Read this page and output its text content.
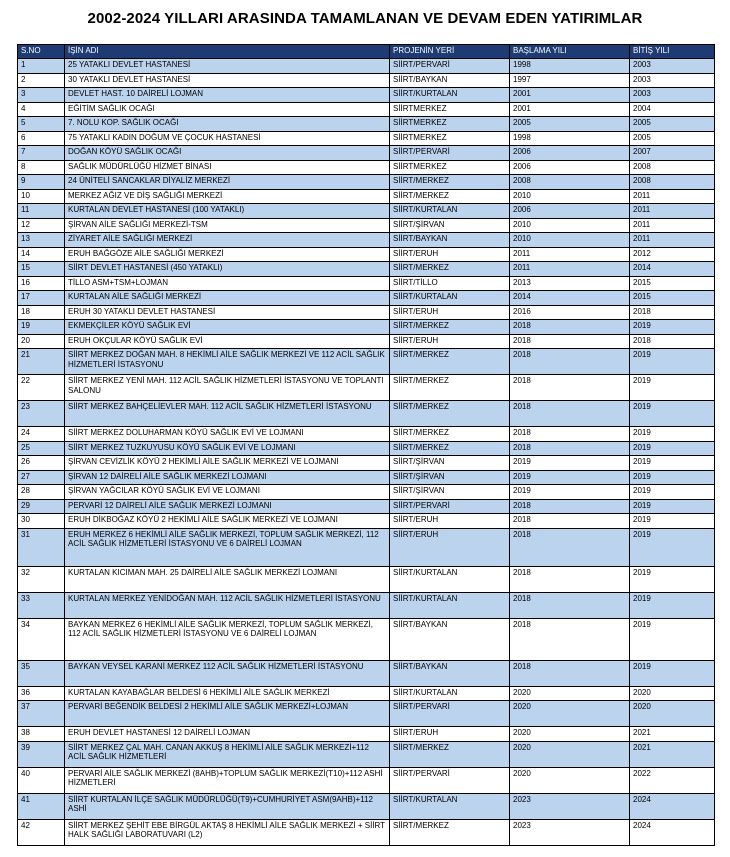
2002-2024 YILLARI ARASINDA TAMAMLANAN VE DEVAM EDEN YATIRIMLAR
S.NO	İŞİN ADI	PROJENİN YERİ	BAŞLAMA YILI	BİTİŞ YILI
1	25 YATAKLI DEVLET HASTANESİ	SİİRT/PERVARİ	1998	2003
2	30 YATAKLI DEVLET HASTANESİ	SİİRT/BAYKAN	1997	2003
3	DEVLET HAST. 10 DAİRELİ LOJMAN	SİİRT/KURTALAN	2001	2003
4	EĞİTİM SAĞLIK OCAĞI	SİİRTMERKEZ	2001	2004
5	7. NOLU KOP. SAĞLIK OCAĞI	SİİRTMERKEZ	2005	2005
6	75 YATAKLI KADIN DOĞUM VE ÇOCUK HASTANESİ	SİİRTMERKEZ	1998	2005
7	DOĞAN KÖYÜ SAĞLIK OCAĞI	SİİRT/PERVARİ	2006	2007
8	SAĞLIK MÜDÜRLÜĞÜ HİZMET BİNASI	SİİRTMERKEZ	2006	2008
9	24 ÜNİTELİ SANCAKLAR DİYALİZ MERKEZİ	SİİRT/MERKEZ	2008	2008
10	MERKEZ AĞIZ VE DİŞ SAĞLIĞI MERKEZİ	SİİRT/MERKEZ	2010	2011
11	KURTALAN DEVLET HASTANESİ (100 YATAKLI)	SİİRT/KURTALAN	2006	2011
12	ŞİRVAN AİLE SAĞLIĞI MERKEZİ-TSM	SİİRT/ŞİRVAN	2010	2011
13	ZİYARET AİLE SAĞLIĞI MERKEZİ	SİİRT/BAYKAN	2010	2011
14	ERUH BAĞGÖZE AİLE SAĞLIĞI MERKEZİ	SİİRT/ERUH	2011	2012
15	SİİRT DEVLET HASTANESİ (450 YATAKLI)	SİİRT/MERKEZ	2011	2014
16	TİLLO ASM+TSM+LOJMAN	SİİRT/TİLLO	2013	2015
17	KURTALAN AİLE SAĞLIĞI MERKEZİ	SİİRT/KURTALAN	2014	2015
18	ERUH 30 YATAKLI DEVLET HASTANESİ	SİİRT/ERUH	2016	2018
19	EKMEKÇİLER KÖYÜ SAĞLIK EVİ	SİİRT/MERKEZ	2018	2019
20	ERUH OKÇULAR KÖYÜ SAĞLIK EVİ	SİİRT/ERUH	2018	2018
21	SİİRT MERKEZ DOĞAN MAH. 8 HEKİMLİ AİLE SAĞLIK MERKEZİ VE 112 ACİL SAĞLIK HİZMETLERİ İSTASYONU	SİİRT/MERKEZ	2018	2019
22	SİİRT MERKEZ YENİ MAH. 112 ACİL SAĞLIK HİZMETLERİ İSTASYONU VE TOPLANTI SALONU	SİİRT/MERKEZ	2018	2019
23	SİİRT MERKEZ BAHÇELİEVLER MAH. 112 ACİL SAĞLIK HİZMETLERİ İSTASYONU	SİİRT/MERKEZ	2018	2019
24	SİİRT MERKEZ DOLUHARMAN KÖYÜ SAĞLIK EVİ VE LOJMANI	SİİRT/MERKEZ	2018	2019
25	SİİRT MERKEZ TUZKUYUSU KÖYÜ SAĞLIK EVİ VE LOJMANI	SİİRT/MERKEZ	2018	2019
26	ŞİRVAN CEVİZLİK KÖYÜ 2 HEKİMLİ AİLE SAĞLIK MERKEZİ VE LOJMANI	SİİRT/ŞİRVAN	2019	2019
27	ŞİRVAN 12 DAİRELİ AİLE SAĞLIK MERKEZİ LOJMANI	SİİRT/ŞİRVAN	2019	2019
28	ŞİRVAN YAĞCILAR KÖYÜ SAĞLIK EVİ VE LOJMANI	SİİRT/ŞİRVAN	2019	2019
29	PERVARİ 12 DAİRELİ AİLE SAĞLIK MERKEZİ LOJMANI	SİİRT/PERVARİ	2018	2019
30	ERUH DİKBOĞAZ KÖYÜ 2 HEKİMLİ AİLE SAĞLIK MERKEZİ VE LOJMANI	SİİRT/ERUH	2018	2019
31	ERUH MERKEZ 6 HEKİMLİ AİLE SAĞLIK MERKEZİ, TOPLUM SAĞLIK MERKEZİ, 112 ACİL SAĞLIK HİZMETLERİ İSTASYONU VE 6 DAİRELİ LOJMAN	SİİRT/ERUH	2018	2019
32	KURTALAN KICIMAN MAH. 25 DAİRELİ AİLE SAĞLIK MERKEZİ LOJMANI	SİİRT/KURTALAN	2018	2019
33	KURTALAN MERKEZ YENİDOĞAN MAH. 112 ACİL SAĞLIK HİZMETLERİ İSTASYONU	SİİRT/KURTALAN	2018	2019
34	BAYKAN MERKEZ 6 HEKİMLİ AİLE SAĞLIK MERKEZİ, TOPLUM SAĞLIK MERKEZİ, 112 ACİL SAĞLIK HİZMETLERİ İSTASYONU VE 6 DAİRELİ LOJMAN	SİİRT/BAYKAN	2018	2019
35	BAYKAN VEYSEL KARANİ MERKEZ 112 ACİL SAĞLIK HİZMETLERİ İSTASYONU	SİİRT/BAYKAN	2018	2019
36	KURTALAN KAYABAĞLAR BELDESİ 6 HEKİMLİ AİLE SAĞLIK MERKEZİ	SİİRT/KURTALAN	2020	2020
37	PERVARİ BEĞENDİK BELDESİ 2 HEKİMLİ AİLE SAĞLIK MERKEZİ+LOJMAN	SİİRT/PERVARİ	2020	2020
38	ERUH DEVLET HASTANESİ 12 DAİRELİ LOJMAN	SİİRT/ERUH	2020	2021
39	SİİRT MERKEZ ÇAL MAH. CANAN AKKUŞ 8 HEKİMLİ AİLE SAĞLIK MERKEZİ+112 ACİL SAĞLIK HİZMETLERİ	SİİRT/MERKEZ	2020	2021
40	PERVARİ AİLE SAĞLIK MERKEZİ (8AHB)+TOPLUM SAĞLIK MERKEZİ(T10)+112 ASHİ HİZMETLERİ	SİİRT/PERVARİ	2020	2022
41	SİİRT KURTALAN İLÇE SAĞLIK MÜDÜRLÜĞÜ(T9)+CUMHURİYET ASM(9AHB)+112 ASHİ	SİİRT/KURTALAN	2023	2024
42	SİİRT MERKEZ ŞEHİT EBE BİRGÜL AKTAŞ 8 HEKİMLİ AİLE SAĞLIK MERKEZİ + SİİRT HALK SAĞLIĞI LABORATUVARI (L2)	SİİRT/MERKEZ	2023	2024
